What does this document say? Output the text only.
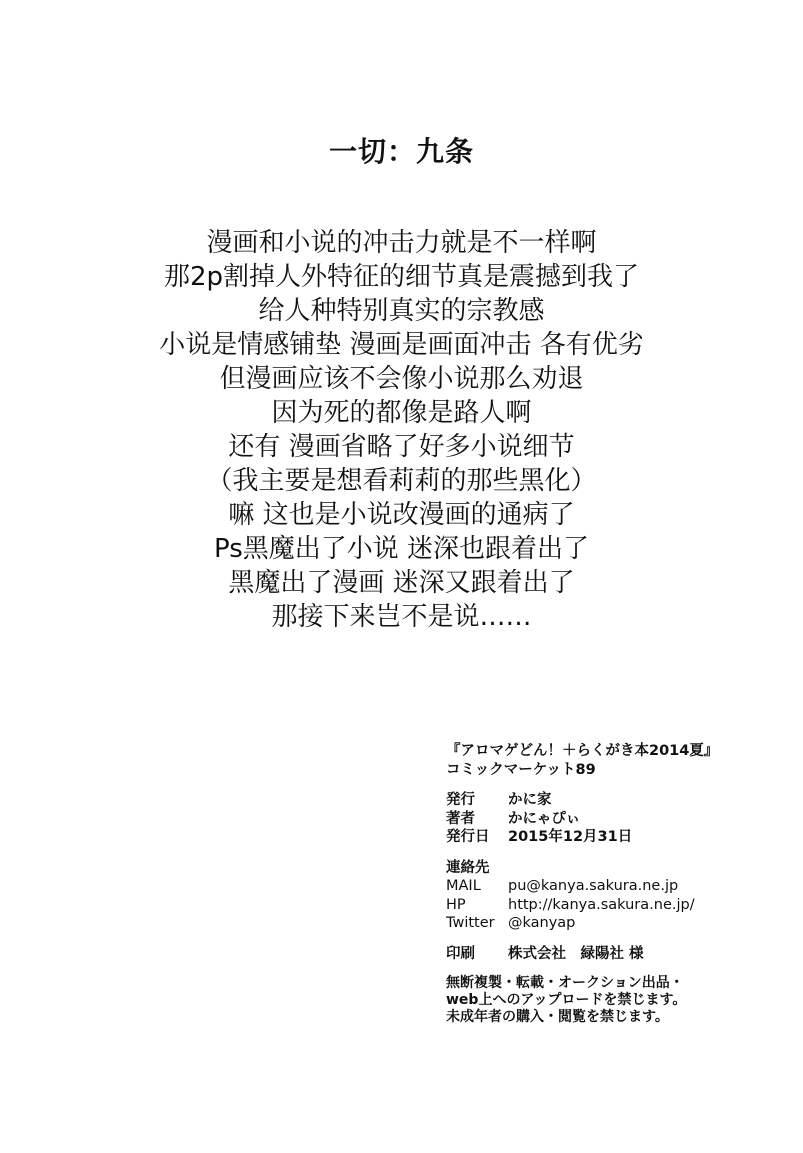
一切：九条
漫画和小说的冲击力就是不一样啊
那2p割掉人外特征的细节真是震撼到我了
给人种特别真实的宗教感
小说是情感铺垫 漫画是画面冲击 各有优劣
但漫画应该不会像小说那么劝退
因为死的都像是路人啊
还有 漫画省略了好多小说细节
（我主要是想看莉莉的那些黑化）
嘛 这也是小说改漫画的通病了
Ps黑魔出了小说 迷深也跟着出了
黑魔出了漫画 迷深又跟着出了
那接下来岂不是说……
『アロマゲどん！＋らくがき本2014夏』
コミックマーケット89
発行	かに家
著者	かにゃぴぃ
発行日	2015年12月31日
連絡先
MAIL	pu@kanya.sakura.ne.jp
HP	http://kanya.sakura.ne.jp/
Twitter @kanyap
印刷	株式会社　緑陽社 様
無断複製・転載・オークション出品・
web上へのアップロードを禁じます。
未成年者の購入・閲覧を禁じます。
